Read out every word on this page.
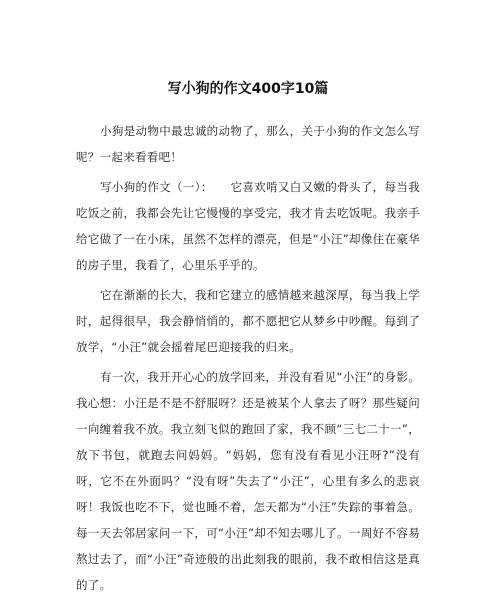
写小狗的作文400字10篇

小狗是动物中最忠诚的动物了，那么，关于小狗的作文怎么写呢？一起来看看吧！

写小狗的作文（一）：　　它喜欢啃又白又嫩的骨头了，每当我吃饭之前，我都会先让它慢慢的享受完，我才肯去吃饭呢。我亲手给它做了一在小床，虽然不怎样的漂亮，但是“小汪”却像住在豪华的房子里，我看了，心里乐乎乎的。

它在渐渐的长大，我和它建立的感情越来越深厚，每当我上学时，起得很早，我会静悄悄的，都不愿把它从梦乡中吵醒。每到了放学，“小汪”就会摇着尾巴迎接我的归来。

有一次，我开开心心的放学回来，并没有看见“小汪”的身影。我心想：小汪是不是不舒服呀？还是被某个人拿去了呀？那些疑问一向缠着我不放。我立刻飞似的跑回了家，我不顾“三七二十一”，放下书包，就跑去问妈妈。“妈妈，您有没有看见小汪呀?”没有呀，它不在外面吗？“没有呀”失去了“小汪”，心里有多么的悲哀呀！我饭也吃不下，觉也睡不着，怎天都为“小汪”失踪的事着急。每一天去邻居家问一下，可“小汪”却不知去哪儿了。一周好不容易熬过去了，而“小汪”奇迹般的出此刻我的眼前，我不敢相信这是真的了。
